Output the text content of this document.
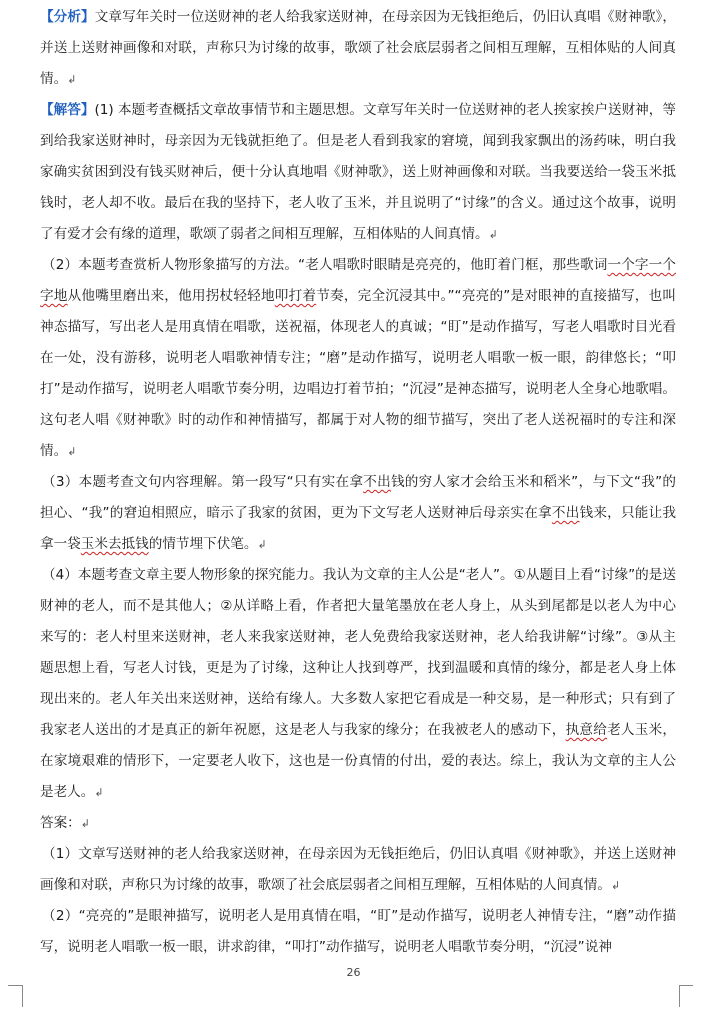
【分析】文章写年关时一位送财神的老人给我家送财神，在母亲因为无钱拒绝后，仍旧认真唱《财神歌》，并送上送财神画像和对联，声称只为讨缘的故事，歌颂了社会底层弱者之间相互理解，互相体贴的人间真情。↲

【解答】(1) 本题考查概括文章故事情节和主题思想。文章写年关时一位送财神的老人挨家挨户送财神，等到给我家送财神时，母亲因为无钱就拒绝了。但是老人看到我家的窘境，闻到我家飘出的汤药味，明白我家确实贫困到没有钱买财神后，便十分认真地唱《财神歌》，送上财神画像和对联。当我要送给一袋玉米抵钱时，老人却不收。最后在我的坚持下，老人收了玉米，并且说明了“讨缘”的含义。通过这个故事，说明了有爱才会有缘的道理，歌颂了弱者之间相互理解，互相体贴的人间真情。↲

（2）本题考查赏析人物形象描写的方法。“老人唱歌时眼睛是亮亮的，他盯着门框，那些歌词一个字一个字地从他嘴里磨出来，他用拐杖轻轻地叩打着节奏，完全沉浸其中。”“亮亮的”是对眼神的直接描写，也叫神态描写，写出老人是用真情在唱歌，送祝福，体现老人的真诚；“盯”是动作描写，写老人唱歌时目光看在一处，没有游移，说明老人唱歌神情专注；“磨”是动作描写，说明老人唱歌一板一眼，韵律悠长；“叩打”是动作描写，说明老人唱歌节奏分明，边唱边打着节拍；“沉浸”是神态描写，说明老人全身心地歌唱。这句老人唱《财神歌》时的动作和神情描写，都属于对人物的细节描写，突出了老人送祝福时的专注和深情。↲

（3）本题考查文句内容理解。第一段写“只有实在拿不出钱的穷人家才会给玉米和稻米”，与下文“我”的担心、“我”的窘迫相照应，暗示了我家的贫困，更为下文写老人送财神后母亲实在拿不出钱来，只能让我拿一袋玉米去抵钱的情节埋下伏笔。↲

（4）本题考查文章主要人物形象的探究能力。我认为文章的主人公是“老人”。①从题目上看“讨缘”的是送财神的老人，而不是其他人；②从详略上看，作者把大量笔墨放在老人身上，从头到尾都是以老人为中心来写的：老人村里来送财神，老人来我家送财神，老人免费给我家送财神，老人给我讲解“讨缘”。③从主题思想上看，写老人讨钱，更是为了讨缘，这种让人找到尊严，找到温暖和真情的缘分，都是老人身上体现出来的。老人年关出来送财神，送给有缘人。大多数人家把它看成是一种交易，是一种形式；只有到了我家老人送出的才是真正的新年祝愿，这是老人与我家的缘分；在我被老人的感动下，执意给老人玉米，在家境艰难的情形下，一定要老人收下，这也是一份真情的付出，爱的表达。综上，我认为文章的主人公是老人。↲

答案：↲

（1）文章写送财神的老人给我家送财神，在母亲因为无钱拒绝后，仍旧认真唱《财神歌》，并送上送财神画像和对联，声称只为讨缘的故事，歌颂了社会底层弱者之间相互理解，互相体贴的人间真情。↲

（2）“亮亮的”是眼神描写，说明老人是用真情在唱，“盯”是动作描写，说明老人神情专注，“磨”动作描写，说明老人唱歌一板一眼，讲求韵律，“叩打”动作描写，说明老人唱歌节奏分明，“沉浸”说神

26
